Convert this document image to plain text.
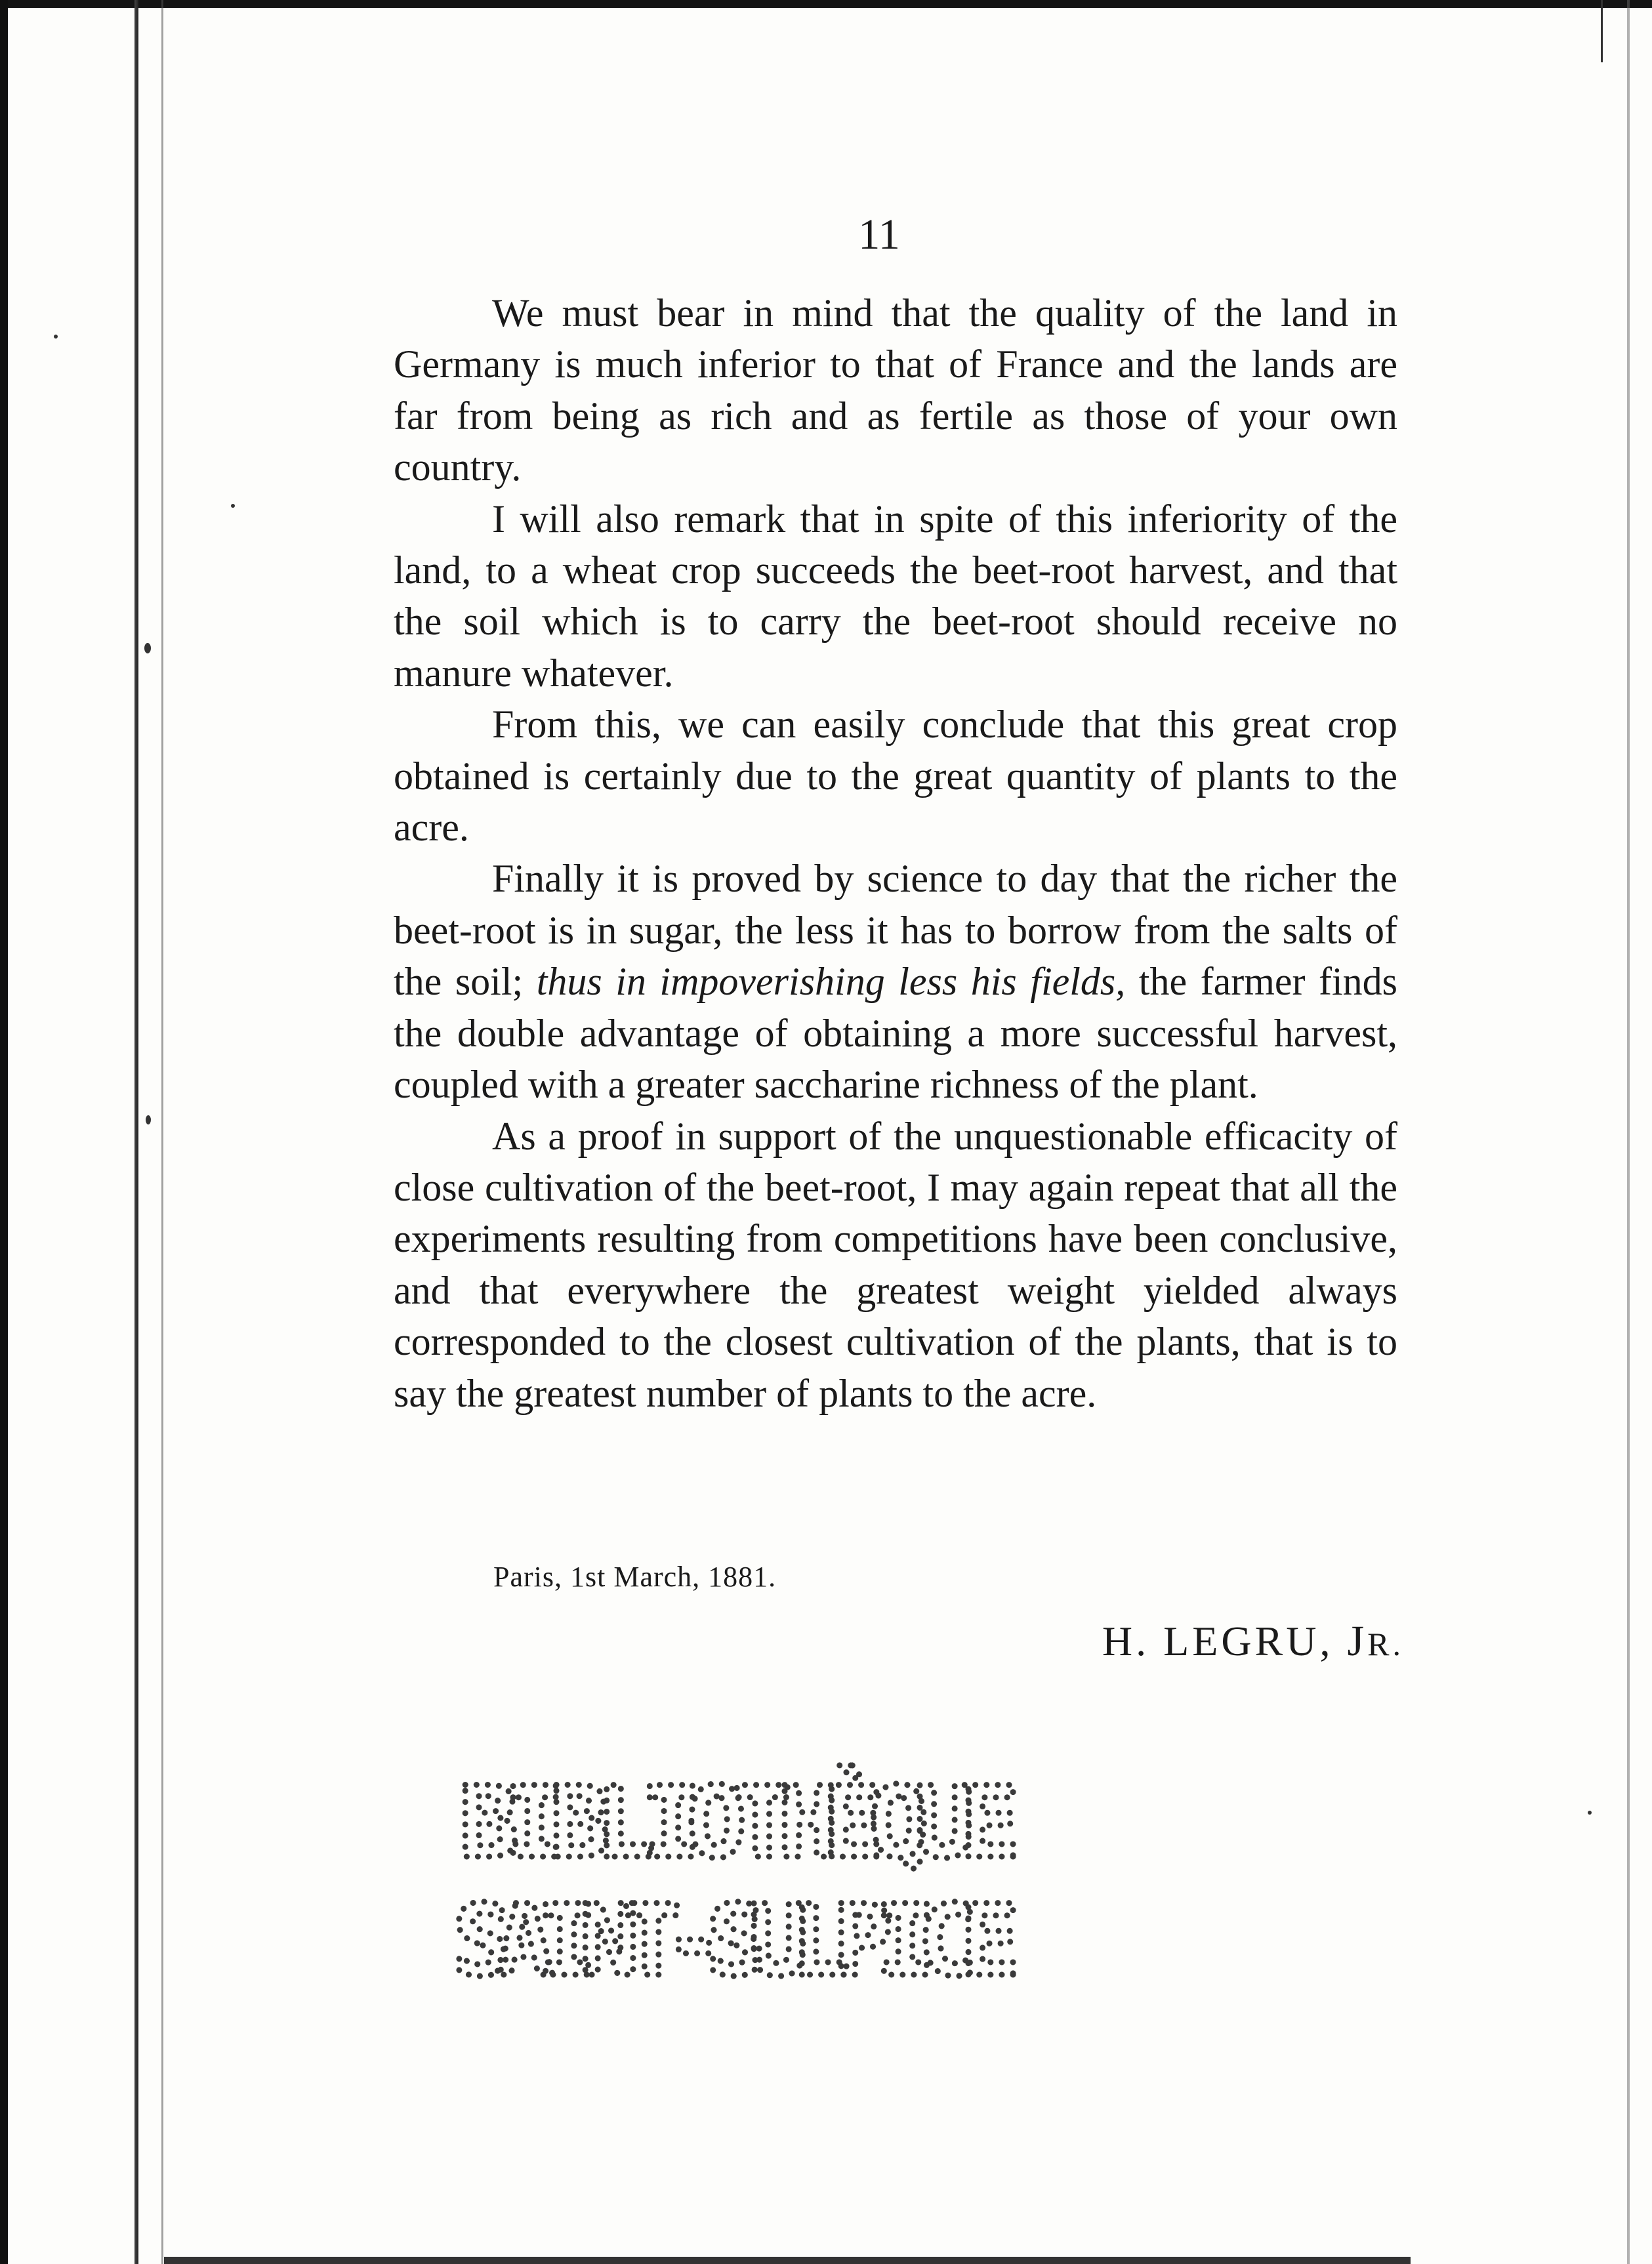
11

We must bear in mind that the quality of the land in Germany is much inferior to that of France and the lands are far from being as rich and as fertile as those of your own country.

I will also remark that in spite of this inferiority of the land, to a wheat crop succeeds the beet-root harvest, and that the soil which is to carry the beet-root should receive no manure whatever.

From this, we can easily conclude that this great crop obtained is certainly due to the great quantity of plants to the acre.

Finally it is proved by science to day that the richer the beet-root is in sugar, the less it has to borrow from the salts of the soil; thus in impoverishing less his fields, the farmer finds the double advantage of obtaining a more successful harvest, coupled with a greater saccharine richness of the plant.

As a proof in support of the unquestionable efficacity of close cultivation of the beet-root, I may again repeat that all the experiments resulting from competitions have been conclusive, and that everywhere the greatest weight yielded always corresponded to the closest cultivation of the plants, that is to say the greatest number of plants to the acre.

Paris, 1st March, 1881.
H. LEGRU, JR.
BIBLIOTHÈQUE
SAINT-SULPICE
